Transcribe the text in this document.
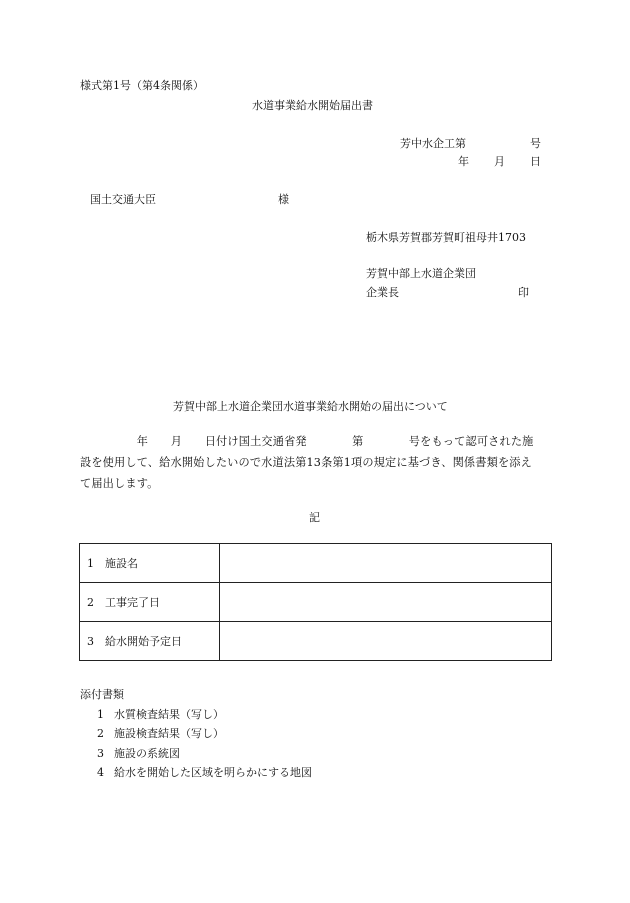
様式第1号（第4条関係）
水道事業給水開始届出書
芳中水企工第	号
年 月 日
国土交通大臣	様
栃木県芳賀郡芳賀町祖母井1703
芳賀中部上水道企業団
企業長	印
芳賀中部上水道企業団水道事業給水開始の届出について
　　　　　年　　月　　日付け国土交通省発　　　　第　　　　号をもって認可された施
設を使用して、給水開始したいので水道法第13条第1項の規定に基づき、関係書類を添え
て届出します。
記
1　施設名	
2　工事完了日	
3　給水開始予定日	
添付書類
1 水質検査結果（写し）
2 施設検査結果（写し）
3 施設の系統図
4 給水を開始した区域を明らかにする地図
